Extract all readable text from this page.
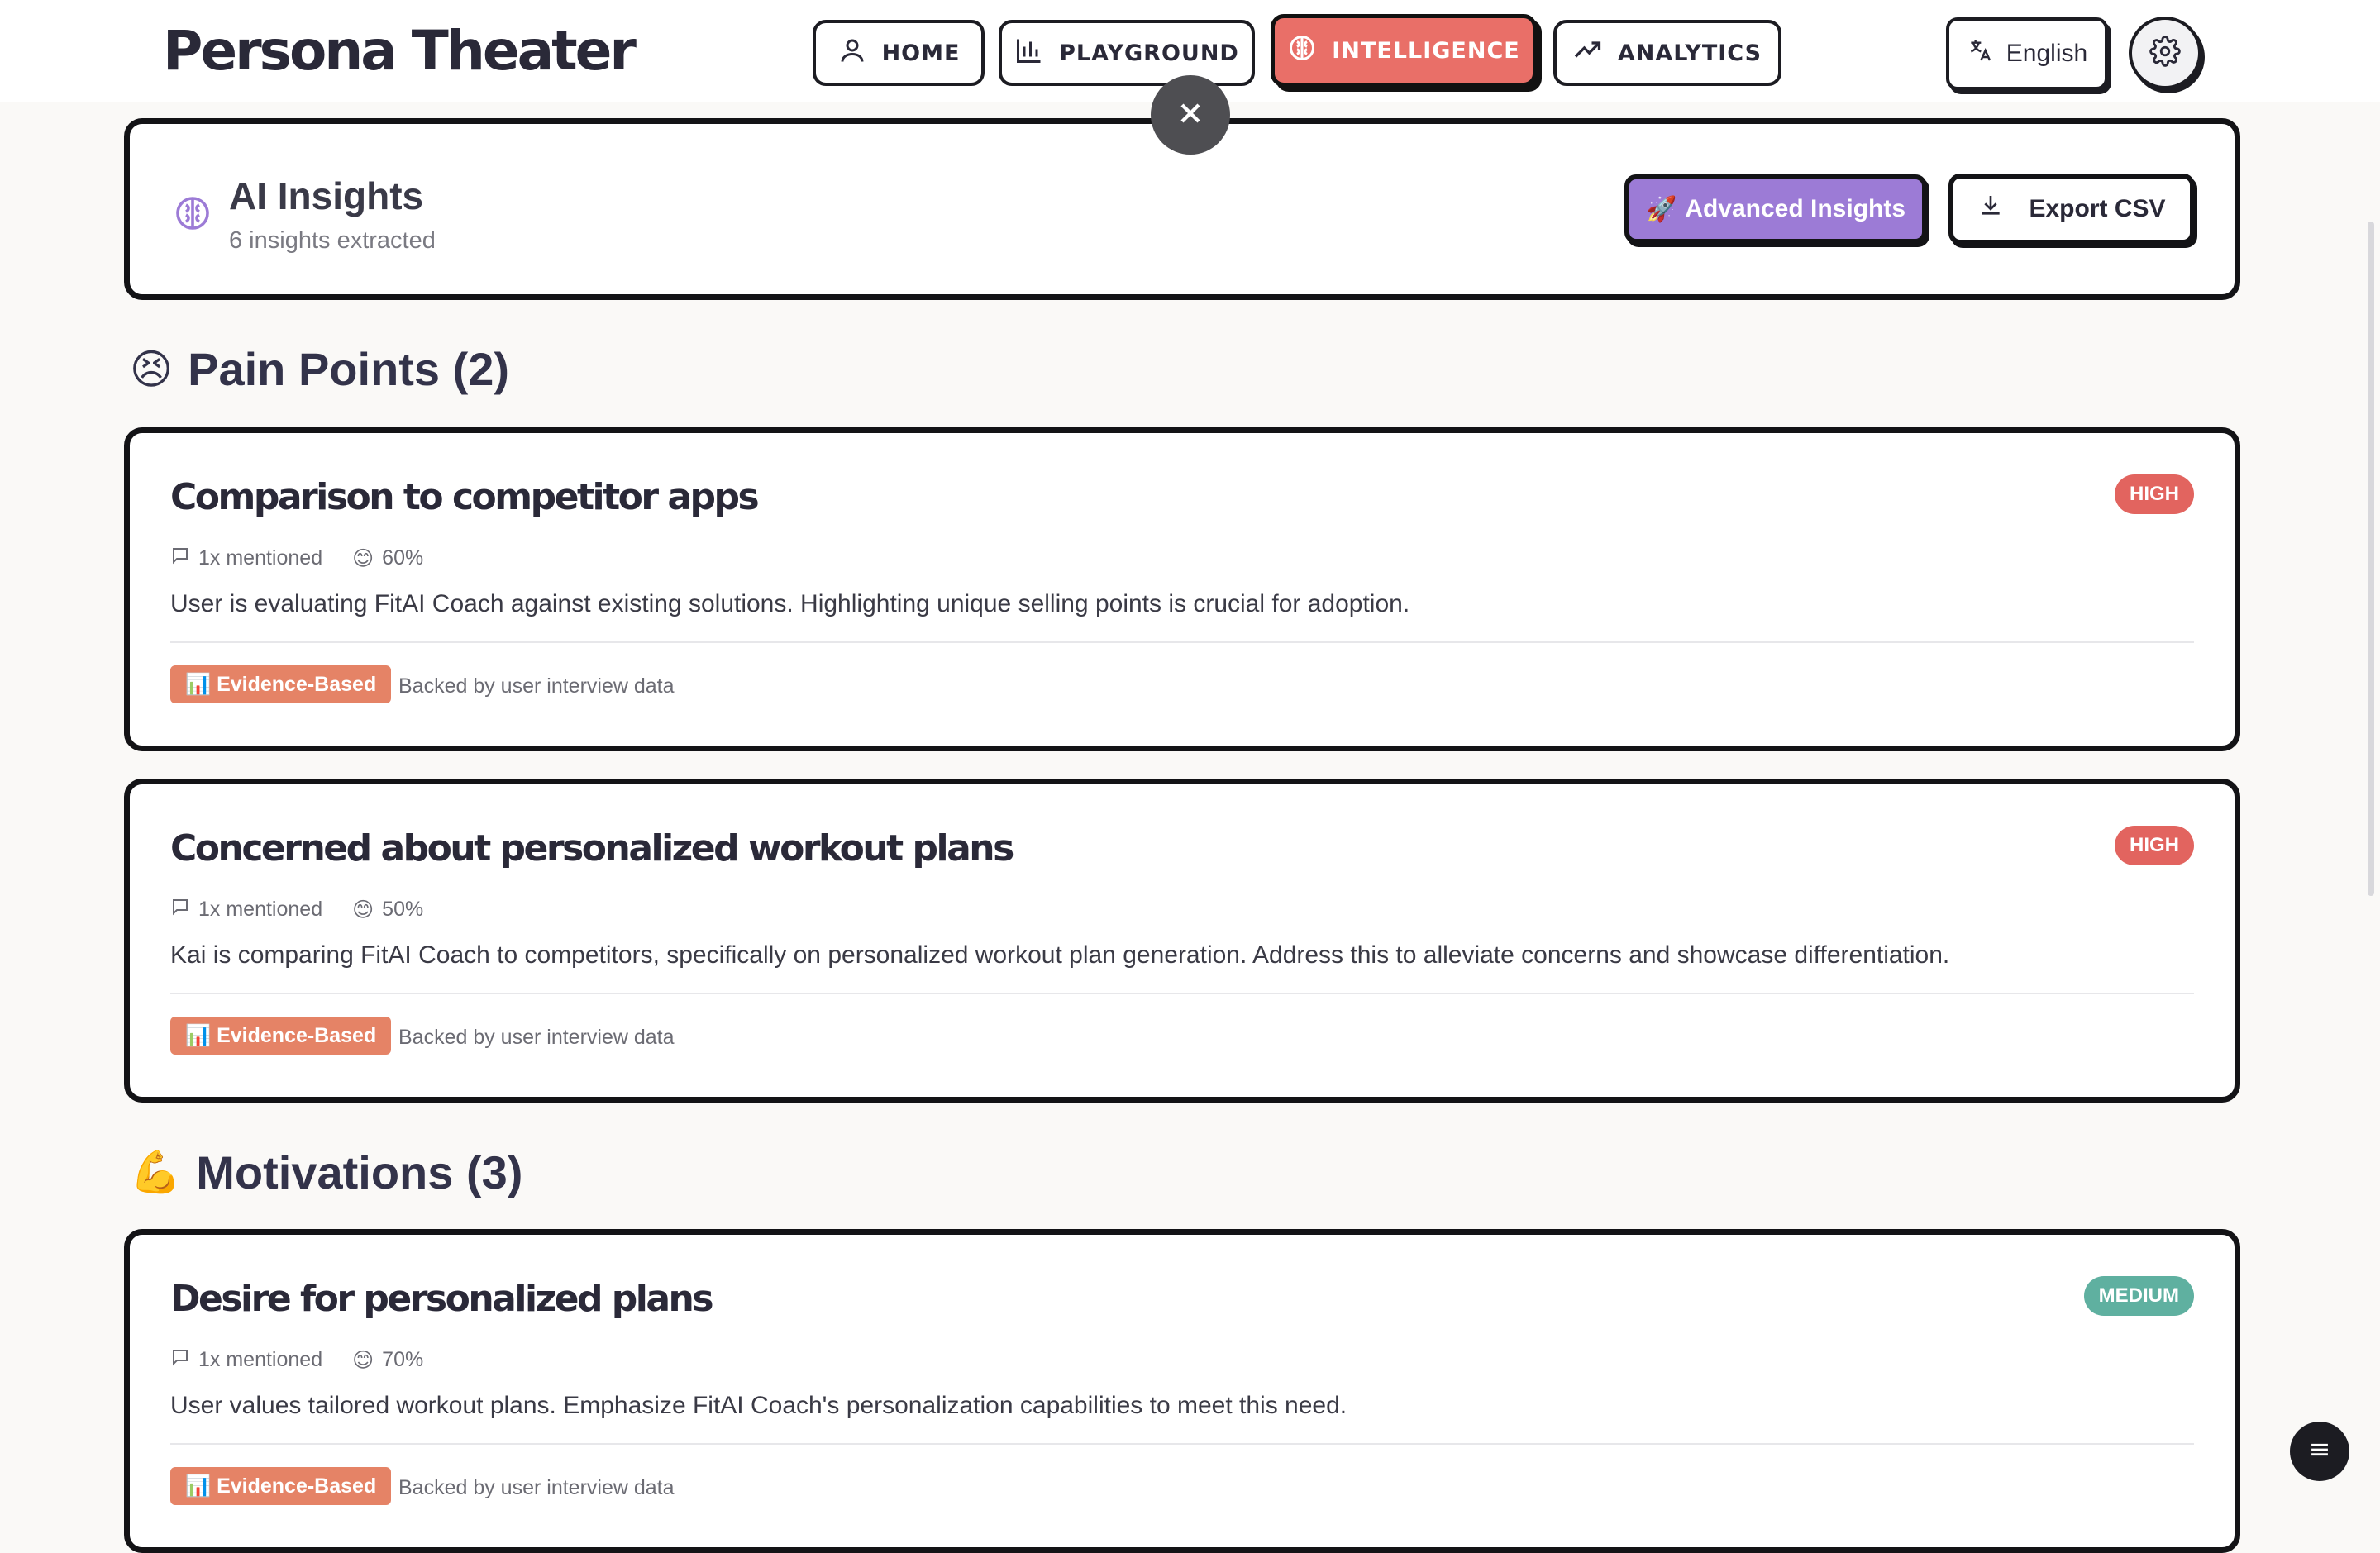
Persona Theater	HOME	PLAYGROUND	INTELLIGENCE	ANALYTICS	English
AI Insights
6 insights extracted
🚀 Advanced Insights	Export CSV
😣 Pain Points (2)
Comparison to competitor apps	HIGH
1x mentioned 😊 60%
User is evaluating FitAI Coach against existing solutions. Highlighting unique selling points is crucial for adoption.
📊 Evidence-Based	Backed by user interview data
Concerned about personalized workout plans	HIGH
1x mentioned 😊 50%
Kai is comparing FitAI Coach to competitors, specifically on personalized workout plan generation. Address this to alleviate concerns and showcase differentiation.
📊 Evidence-Based	Backed by user interview data
💪 Motivations (3)
Desire for personalized plans	MEDIUM
1x mentioned 😊 70%
User values tailored workout plans. Emphasize FitAI Coach's personalization capabilities to meet this need.
📊 Evidence-Based	Backed by user interview data
